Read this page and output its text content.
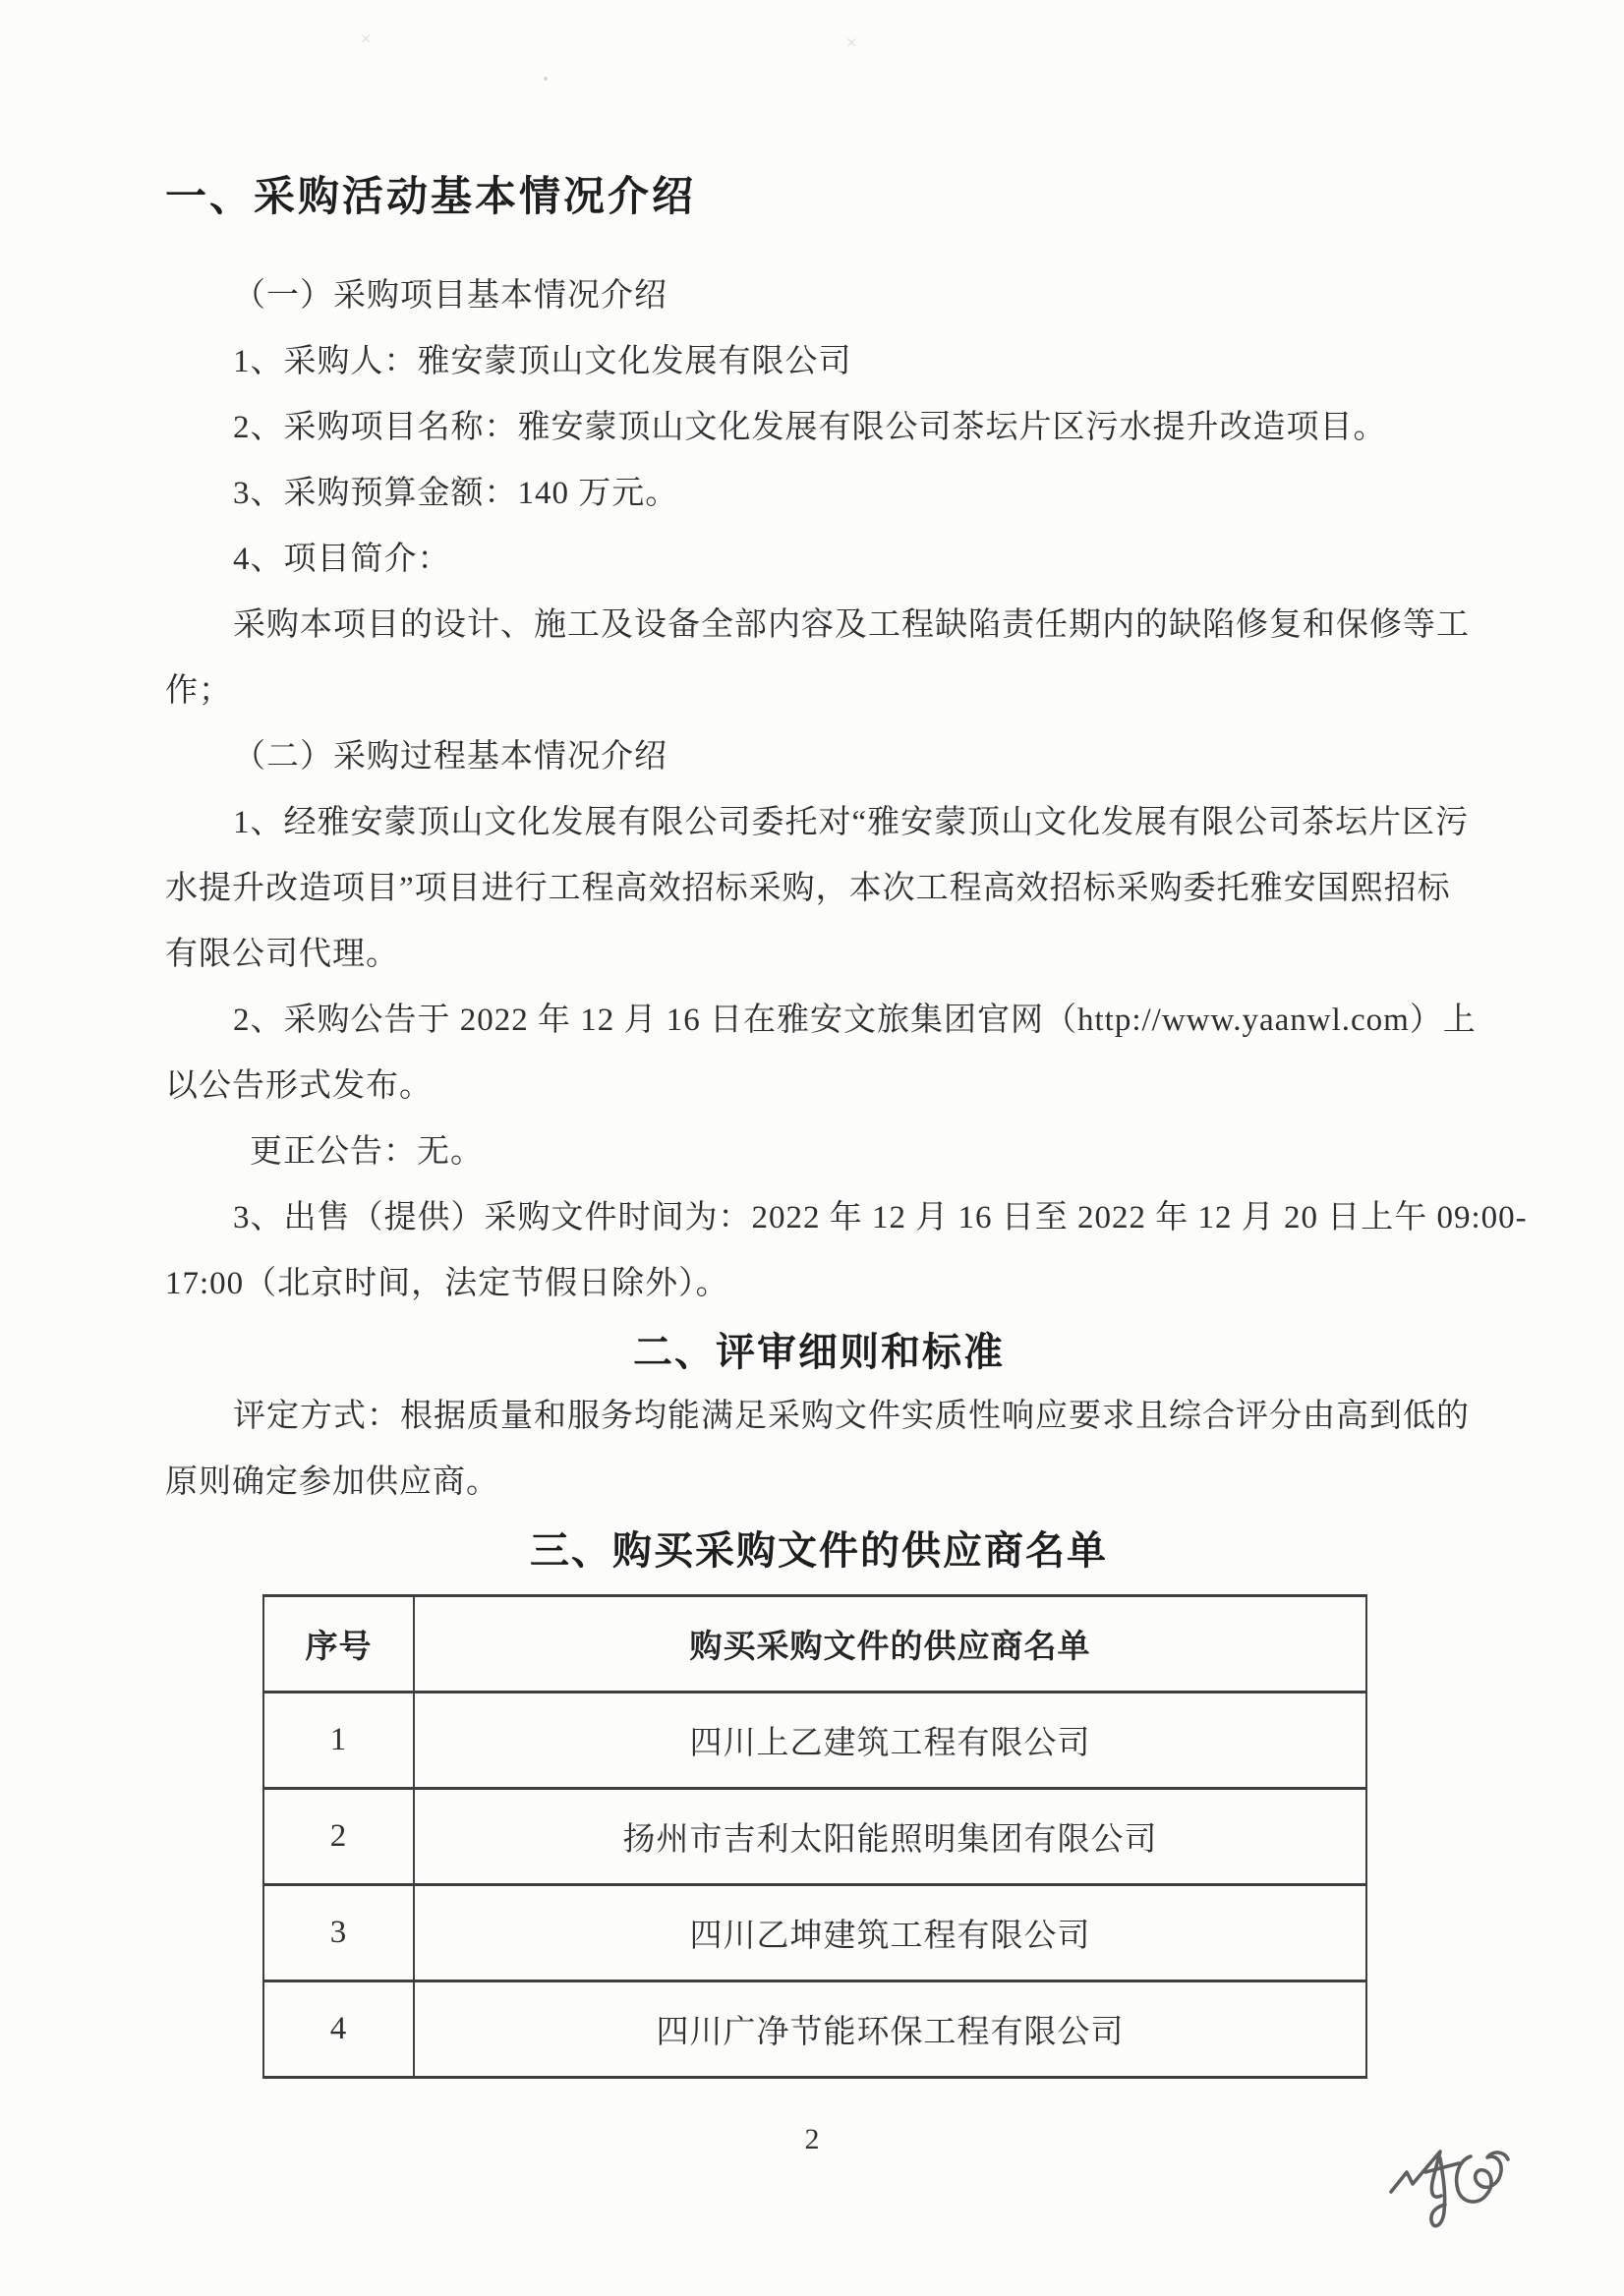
一、采购活动基本情况介绍
（一）采购项目基本情况介绍
1、采购人：雅安蒙顶山文化发展有限公司
2、采购项目名称：雅安蒙顶山文化发展有限公司茶坛片区污水提升改造项目。
3、采购预算金额：140 万元。
4、项目简介：
采购本项目的设计、施工及设备全部内容及工程缺陷责任期内的缺陷修复和保修等工
作；
（二）采购过程基本情况介绍
1、经雅安蒙顶山文化发展有限公司委托对“雅安蒙顶山文化发展有限公司茶坛片区污
水提升改造项目”项目进行工程高效招标采购，本次工程高效招标采购委托雅安国熙招标
有限公司代理。
2、采购公告于 2022 年 12 月 16 日在雅安文旅集团官网（http://www.yaanwl.com）上
以公告形式发布。
更正公告：无。
3、出售（提供）采购文件时间为：2022 年 12 月 16 日至 2022 年 12 月 20 日上午 09:00-
17:00（北京时间，法定节假日除外）。
二、评审细则和标准
评定方式：根据质量和服务均能满足采购文件实质性响应要求且综合评分由高到低的
原则确定参加供应商。
三、购买采购文件的供应商名单
序号	购买采购文件的供应商名单
1	四川上乙建筑工程有限公司
2	扬州市吉利太阳能照明集团有限公司
3	四川乙坤建筑工程有限公司
4	四川广净节能环保工程有限公司
2
×	×
